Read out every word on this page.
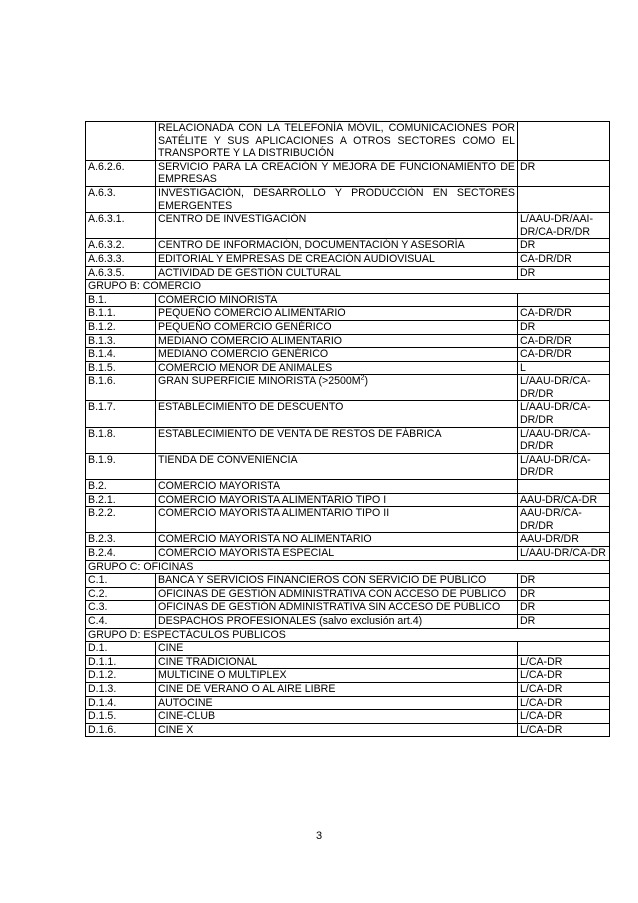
	RELACIONADA CON LA TELEFONÍA MÓVIL, COMUNICACIONES POR SATÉLITE Y SUS APLICACIONES A OTROS SECTORES COMO EL TRANSPORTE Y LA DISTRIBUCIÓN	
A.6.2.6.	SERVICIO PARA LA CREACIÓN Y MEJORA DE FUNCIONAMIENTO DE EMPRESAS	DR
A.6.3.	INVESTIGACIÓN, DESARROLLO Y PRODUCCIÓN EN SECTORES EMERGENTES	
A.6.3.1.	CENTRO DE INVESTIGACIÓN	L/AAU-DR/AAI-DR/CA-DR/DR
A.6.3.2.	CENTRO DE INFORMACIÓN, DOCUMENTACIÓN Y ASESORÍA	DR
A.6.3.3.	EDITORIAL Y EMPRESAS DE CREACIÓN AUDIOVISUAL	CA-DR/DR
A.6.3.5.	ACTIVIDAD DE GESTIÓN CULTURAL	DR
GRUPO B: COMERCIO		
B.1.	COMERCIO MINORISTA	
B.1.1.	PEQUEÑO COMERCIO ALIMENTARIO	CA-DR/DR
B.1.2.	PEQUEÑO COMERCIO GENÉRICO	DR
B.1.3.	MEDIANO COMERCIO ALIMENTARIO	CA-DR/DR
B.1.4.	MEDIANO COMERCIO GENÉRICO	CA-DR/DR
B.1.5.	COMERCIO MENOR DE ANIMALES	L
B.1.6.	GRAN SUPERFICIE MINORISTA $(>2500M^2)$	L/AAU-DR/CA-DR/DR
B.1.7.	ESTABLECIMIENTO DE DESCUENTO	L/AAU-DR/CA-DR/DR
B.1.8.	ESTABLECIMIENTO DE VENTA DE RESTOS DE FÁBRICA	L/AAU-DR/CA-DR/DR
B.1.9.	TIENDA DE CONVENIENCIA	L/AAU-DR/CA-DR/DR
B.2.	COMERCIO MAYORISTA	
B.2.1.	COMERCIO MAYORISTA ALIMENTARIO TIPO I	AAU-DR/CA-DR
B.2.2.	COMERCIO MAYORISTA ALIMENTARIO TIPO II	AAU-DR/CA-DR/DR
B.2.3.	COMERCIO MAYORISTA NO ALIMENTARIO	AAU-DR/DR
B.2.4.	COMERCIO MAYORISTA ESPECIAL	L/AAU-DR/CA-DR
GRUPO C: OFICINAS		
C.1.	BANCA Y SERVICIOS FINANCIEROS CON SERVICIO DE PÚBLICO	DR
C.2.	OFICINAS DE GESTIÓN ADMINISTRATIVA CON ACCESO DE PÚBLICO	DR
C.3.	OFICINAS DE GESTIÓN ADMINISTRATIVA SIN ACCESO DE PÚBLICO	DR
C.4.	DESPACHOS PROFESIONALES (salvo exclusión art.4)	DR
GRUPO D: ESPECTÁCULOS PÚBLICOS		
D.1.	CINE	
D.1.1.	CINE TRADICIONAL	L/CA-DR
D.1.2.	MULTICINE O MULTIPLEX	L/CA-DR
D.1.3.	CINE DE VERANO O AL AIRE LIBRE	L/CA-DR
D.1.4.	AUTOCINE	L/CA-DR
D.1.5.	CINE-CLUB	L/CA-DR
D.1.6.	CINE X	L/CA-DR
3
